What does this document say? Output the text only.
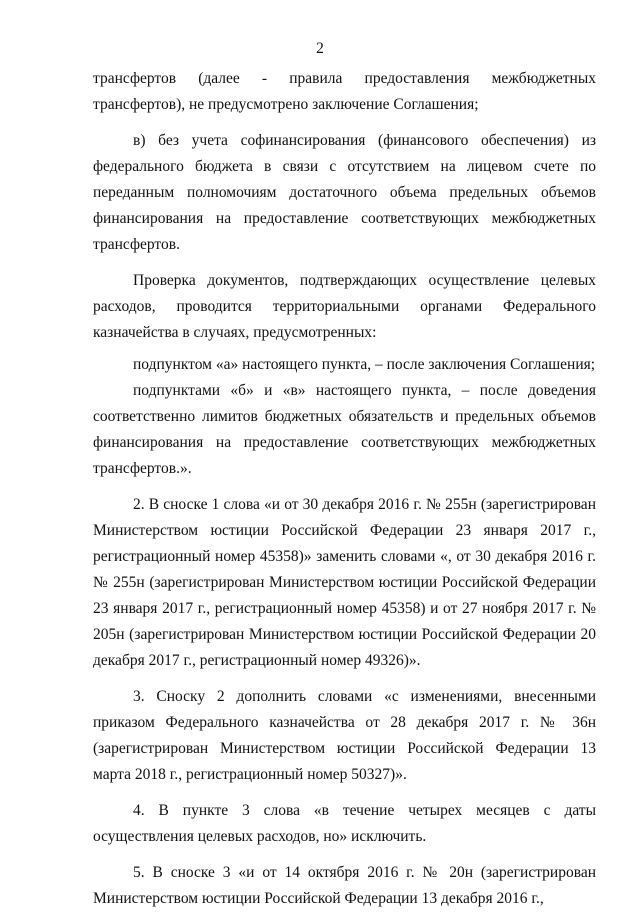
2

трансфертов (далее - правила предоставления межбюджетных трансфертов), не предусмотрено заключение Соглашения;

в) без учета софинансирования (финансового обеспечения) из федерального бюджета в связи с отсутствием на лицевом счете по переданным полномочиям достаточного объема предельных объемов финансирования на предоставление соответствующих межбюджетных трансфертов.

Проверка документов, подтверждающих осуществление целевых расходов, проводится территориальными органами Федерального казначейства в случаях, предусмотренных:

подпунктом «а» настоящего пункта, – после заключения Соглашения;

подпунктами «б» и «в» настоящего пункта, – после доведения соответственно лимитов бюджетных обязательств и предельных объемов финансирования на предоставление соответствующих межбюджетных трансфертов.».

2. В сноске 1 слова «и от 30 декабря 2016 г. № 255н (зарегистрирован Министерством юстиции Российской Федерации 23 января 2017 г., регистрационный номер 45358)» заменить словами «, от 30 декабря 2016 г. № 255н (зарегистрирован Министерством юстиции Российской Федерации 23 января 2017 г., регистрационный номер 45358) и от 27 ноября 2017 г. № 205н (зарегистрирован Министерством юстиции Российской Федерации 20 декабря 2017 г., регистрационный номер 49326)».

3. Сноску 2 дополнить словами «с изменениями, внесенными приказом Федерального казначейства от 28 декабря 2017 г. № 36н (зарегистрирован Министерством юстиции Российской Федерации 13 марта 2018 г., регистрационный номер 50327)».

4. В пункте 3 слова «в течение четырех месяцев с даты осуществления целевых расходов, но» исключить.

5. В сноске 3 «и от 14 октября 2016 г. № 20н (зарегистрирован Министерством юстиции Российской Федерации 13 декабря 2016 г.,
